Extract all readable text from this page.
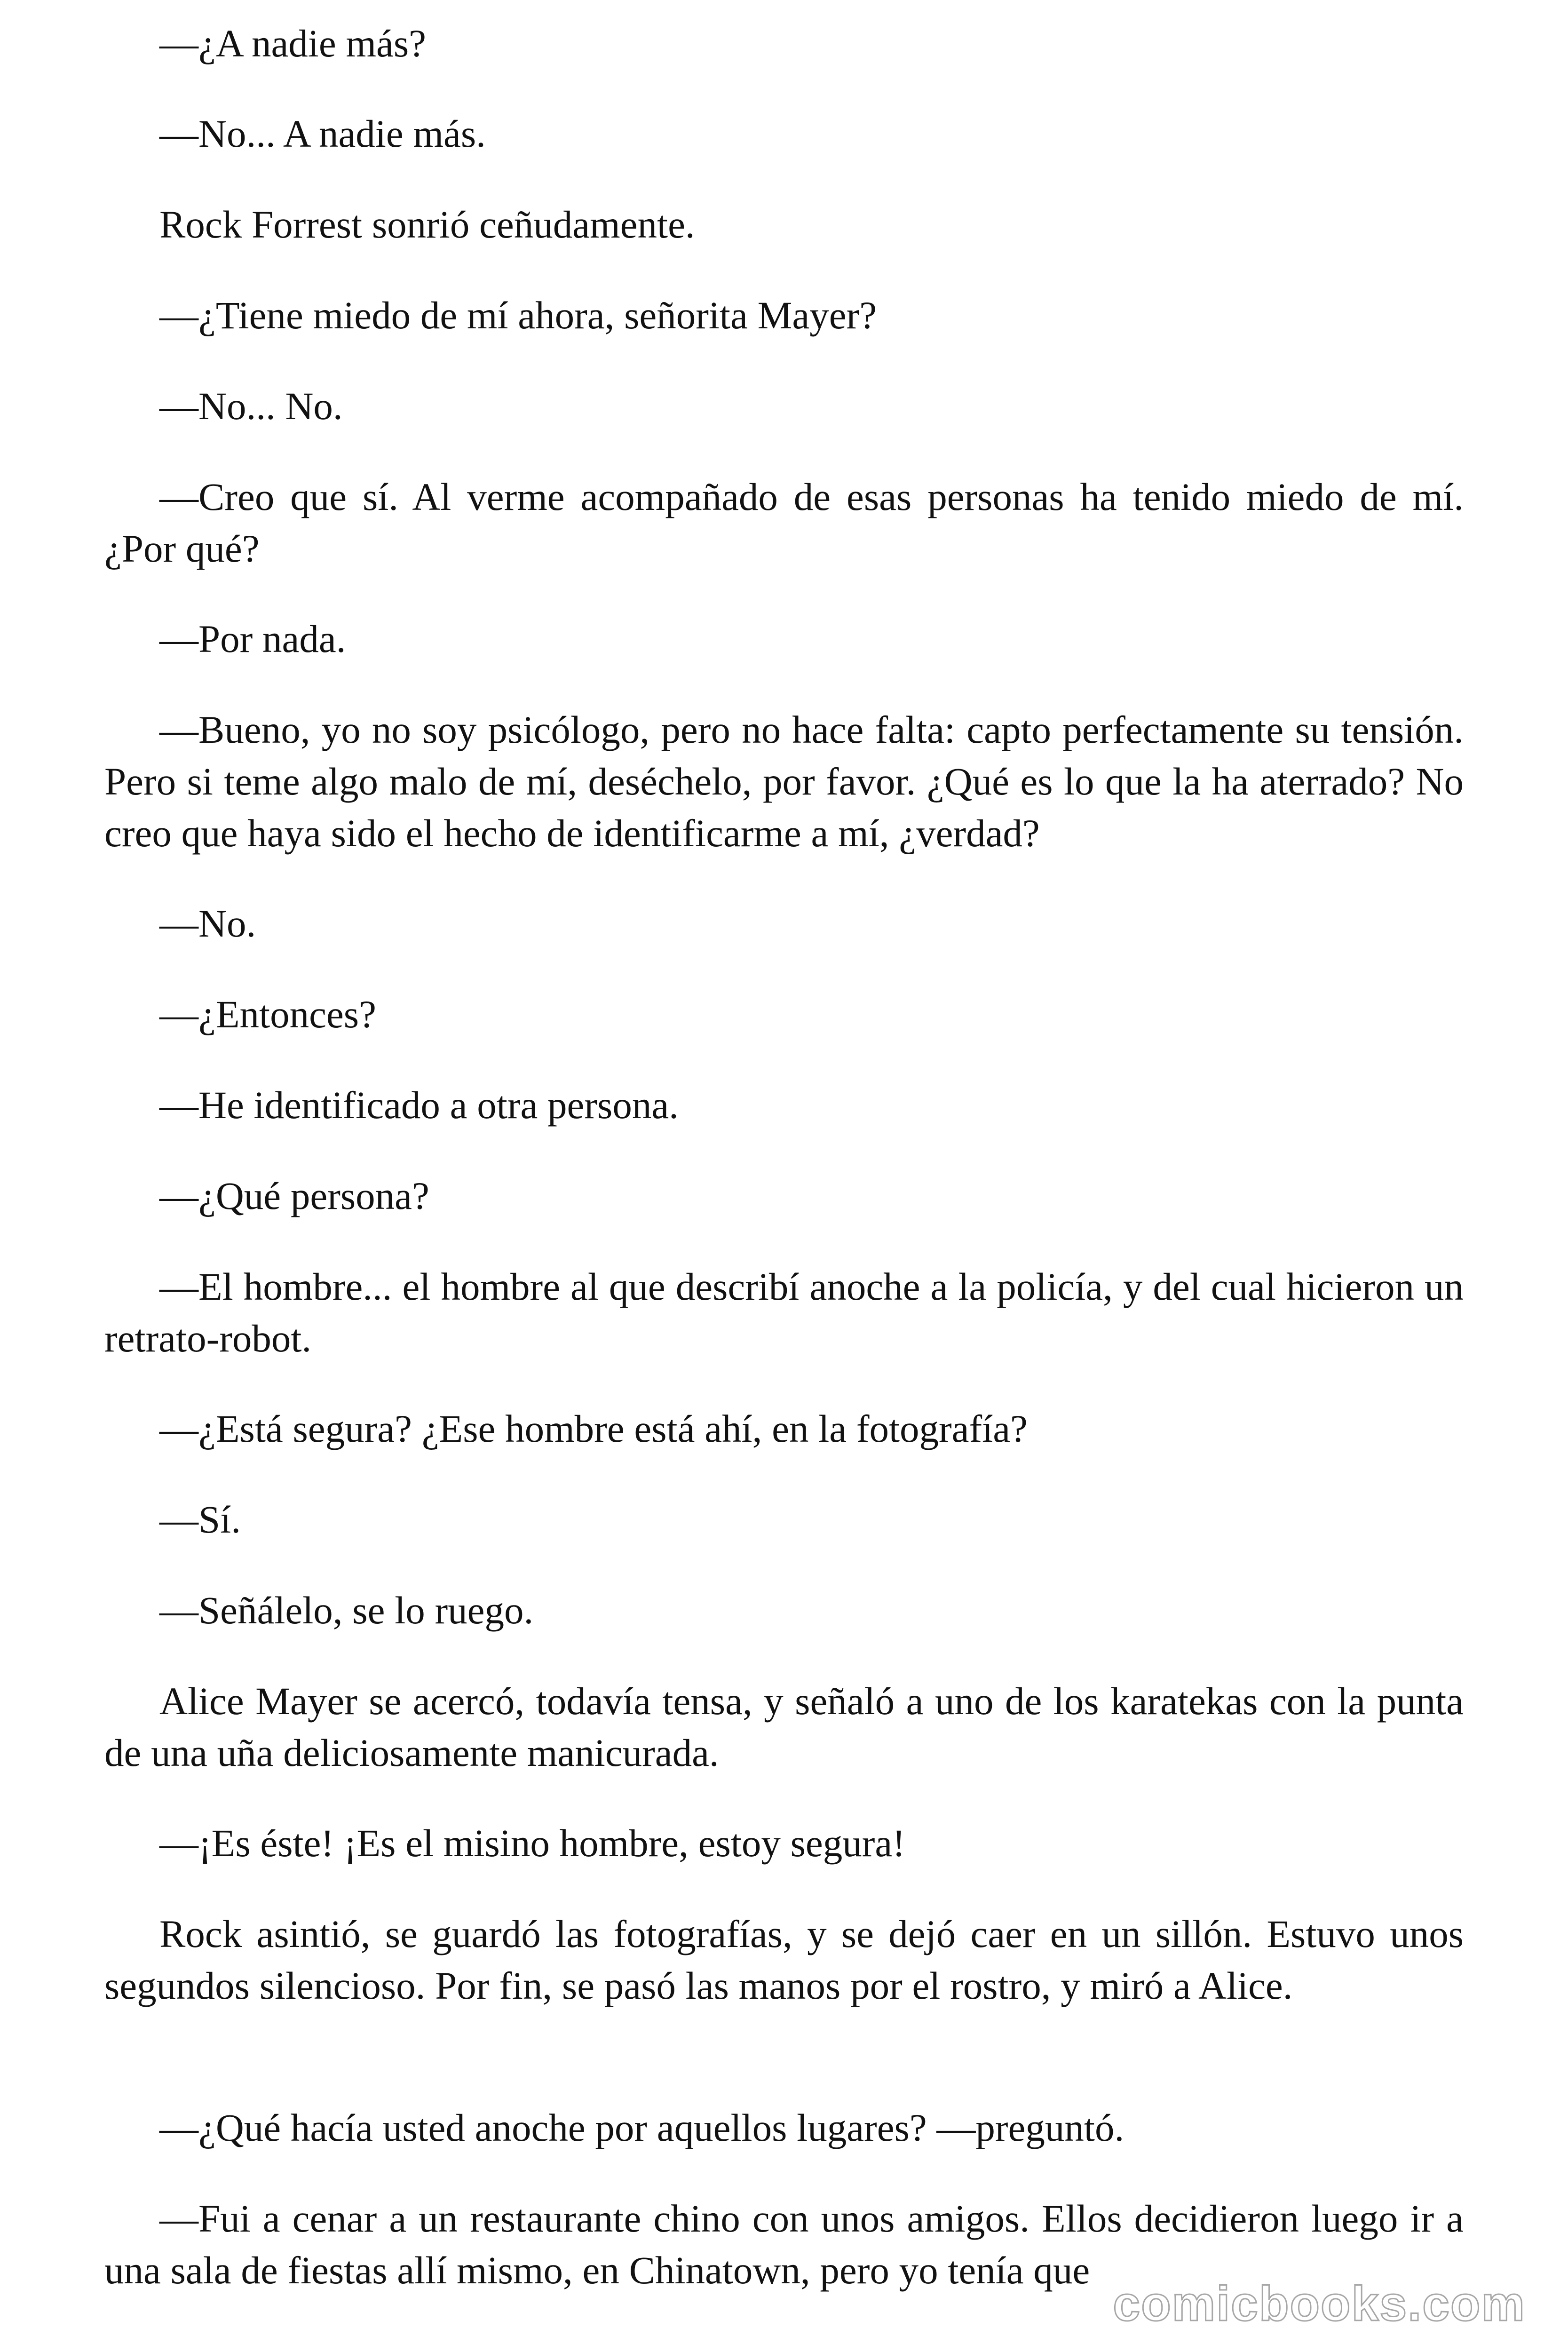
—¿A nadie más?

—No... A nadie más.

Rock Forrest sonrió ceñudamente.

—¿Tiene miedo de mí ahora, señorita Mayer?

—No... No.

—Creo que sí. Al verme acompañado de esas personas ha tenido miedo de mí. ¿Por qué?

—Por nada.

—Bueno, yo no soy psicólogo, pero no hace falta: capto perfectamente su tensión. Pero si teme algo malo de mí, deséchelo, por favor. ¿Qué es lo que la ha aterrado? No creo que haya sido el hecho de identificarme a mí, ¿verdad?

—No.

—¿Entonces?

—He identificado a otra persona.

—¿Qué persona?

—El hombre... el hombre al que describí anoche a la policía, y del cual hicieron un retrato-robot.

—¿Está segura? ¿Ese hombre está ahí, en la fotografía?

—Sí.

—Señálelo, se lo ruego.

Alice Mayer se acercó, todavía tensa, y señaló a uno de los karatekas con la punta de una uña deliciosamente manicurada.

—¡Es éste! ¡Es el misino hombre, estoy segura!

Rock asintió, se guardó las fotografías, y se dejó caer en un sillón. Estuvo unos segundos silencioso. Por fin, se pasó las manos por el rostro, y miró a Alice.

—¿Qué hacía usted anoche por aquellos lugares? —preguntó.

—Fui a cenar a un restaurante chino con unos amigos. Ellos decidieron luego ir a una sala de fiestas allí mismo, en Chinatown, pero yo tenía que

comicbooks.com
